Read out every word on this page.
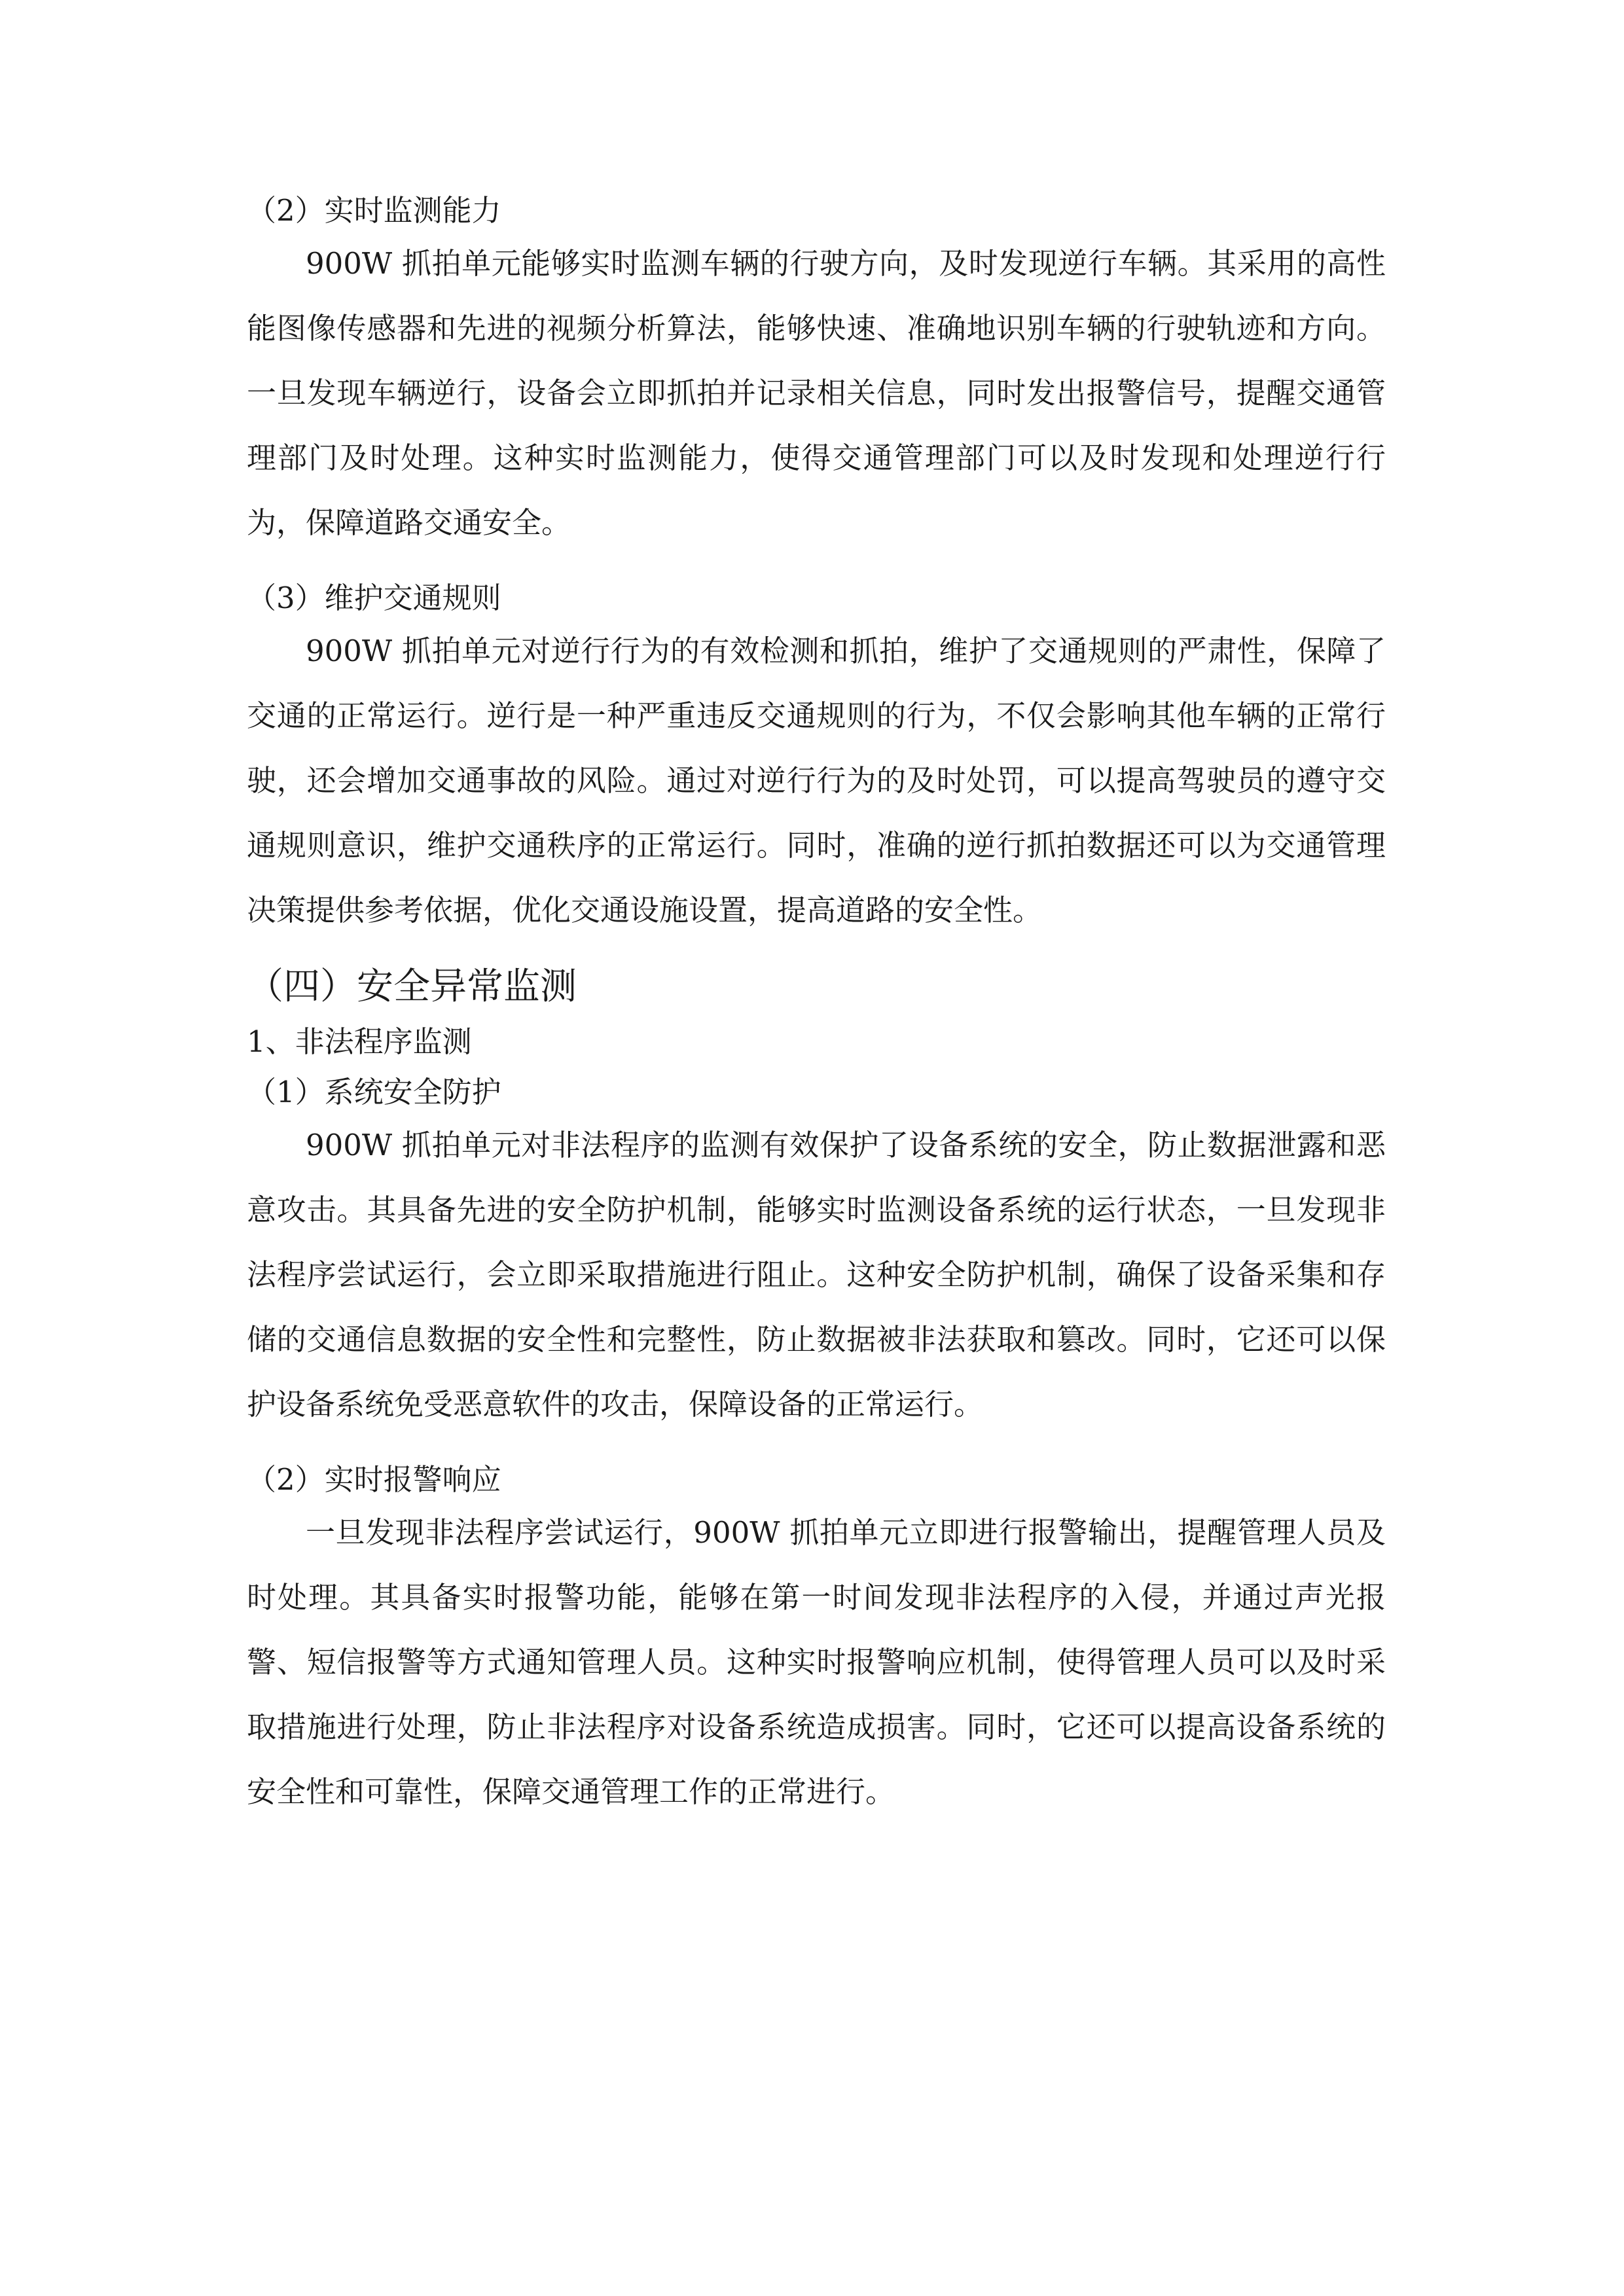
（2）实时监测能力

900W 抓拍单元能够实时监测车辆的行驶方向，及时发现逆行车辆。其采用的高性能图像传感器和先进的视频分析算法，能够快速、准确地识别车辆的行驶轨迹和方向。一旦发现车辆逆行，设备会立即抓拍并记录相关信息，同时发出报警信号，提醒交通管理部门及时处理。这种实时监测能力，使得交通管理部门可以及时发现和处理逆行行为，保障道路交通安全。

（3）维护交通规则

900W 抓拍单元对逆行行为的有效检测和抓拍，维护了交通规则的严肃性，保障了交通的正常运行。逆行是一种严重违反交通规则的行为，不仅会影响其他车辆的正常行驶，还会增加交通事故的风险。通过对逆行行为的及时处罚，可以提高驾驶员的遵守交通规则意识，维护交通秩序的正常运行。同时，准确的逆行抓拍数据还可以为交通管理决策提供参考依据，优化交通设施设置，提高道路的安全性。

（四）安全异常监测

1、非法程序监测

（1）系统安全防护

900W 抓拍单元对非法程序的监测有效保护了设备系统的安全，防止数据泄露和恶意攻击。其具备先进的安全防护机制，能够实时监测设备系统的运行状态，一旦发现非法程序尝试运行，会立即采取措施进行阻止。这种安全防护机制，确保了设备采集和存储的交通信息数据的安全性和完整性，防止数据被非法获取和篡改。同时，它还可以保护设备系统免受恶意软件的攻击，保障设备的正常运行。

（2）实时报警响应

一旦发现非法程序尝试运行，900W 抓拍单元立即进行报警输出，提醒管理人员及时处理。其具备实时报警功能，能够在第一时间发现非法程序的入侵，并通过声光报警、短信报警等方式通知管理人员。这种实时报警响应机制，使得管理人员可以及时采取措施进行处理，防止非法程序对设备系统造成损害。同时，它还可以提高设备系统的安全性和可靠性，保障交通管理工作的正常进行。
